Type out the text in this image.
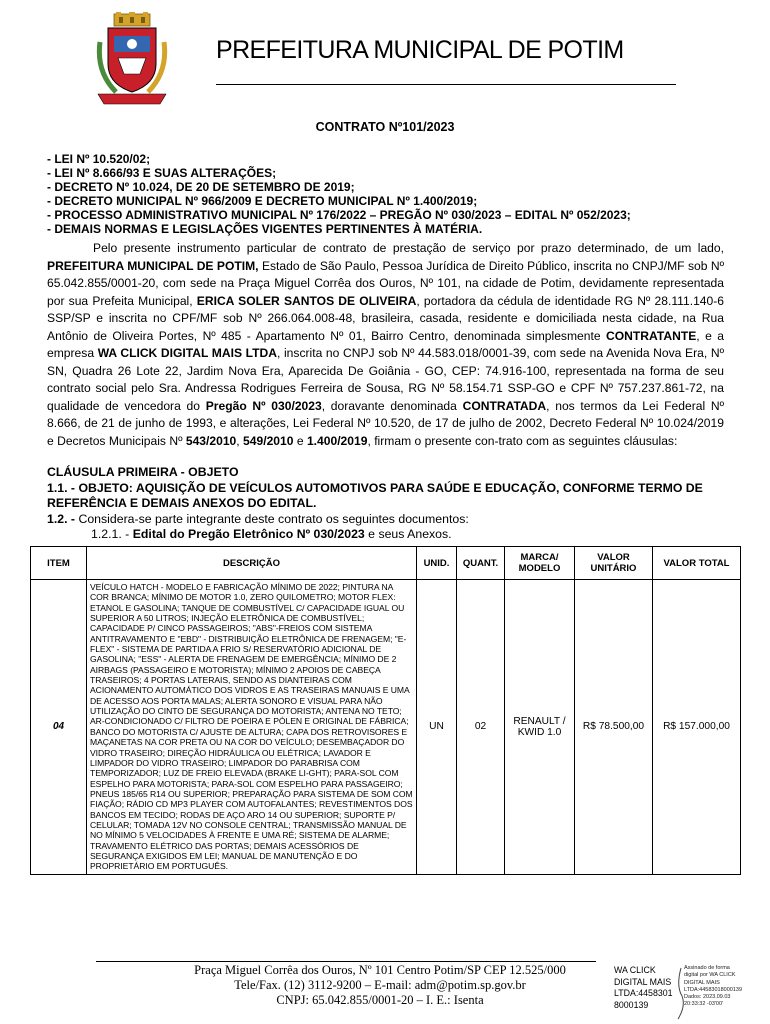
PREFEITURA MUNICIPAL DE POTIM
CONTRATO Nº101/2023
- LEI Nº 10.520/02;
- LEI Nº 8.666/93 E SUAS ALTERAÇÕES;
- DECRETO Nº 10.024, DE 20 DE SETEMBRO DE 2019;
- DECRETO MUNICIPAL Nº 966/2009 E DECRETO MUNICIPAL Nº 1.400/2019;
- PROCESSO ADMINISTRATIVO MUNICIPAL Nº 176/2022 – PREGÃO Nº 030/2023 – EDITAL Nº 052/2023;
- DEMAIS NORMAS E LEGISLAÇÕES VIGENTES PERTINENTES À MATÉRIA.
Pelo presente instrumento particular de contrato de prestação de serviço por prazo determinado, de um lado, PREFEITURA MUNICIPAL DE POTIM, Estado de São Paulo, Pessoa Jurídica de Direito Público, inscrita no CNPJ/MF sob Nº 65.042.855/0001-20, com sede na Praça Miguel Corrêa dos Ouros, Nº 101, na cidade de Potim, devidamente representada por sua Prefeita Municipal, ERICA SOLER SANTOS DE OLIVEIRA, portadora da cédula de identidade RG Nº 28.111.140-6 SSP/SP e inscrita no CPF/MF sob Nº 266.064.008-48, brasileira, casada, residente e domiciliada nesta cidade, na Rua Antônio de Oliveira Portes, Nº 485 - Apartamento Nº 01, Bairro Centro, denominada simplesmente CONTRATANTE, e a empresa WA CLICK DIGITAL MAIS LTDA, inscrita no CNPJ sob Nº 44.583.018/0001-39, com sede na Avenida Nova Era, Nº SN, Quadra 26 Lote 22, Jardim Nova Era, Aparecida De Goiânia - GO, CEP: 74.916-100, representada na forma de seu contrato social pelo Sra. Andressa Rodrigues Ferreira de Sousa, RG Nº 58.154.71 SSP-GO e CPF Nº 757.237.861-72, na qualidade de vencedora do Pregão Nº 030/2023, doravante denominada CONTRATADA, nos termos da Lei Federal Nº 8.666, de 21 de junho de 1993, e alterações, Lei Federal Nº 10.520, de 17 de julho de 2002, Decreto Federal Nº 10.024/2019 e Decretos Municipais Nº 543/2010, 549/2010 e 1.400/2019, firmam o presente con-trato com as seguintes cláusulas:
CLÁUSULA PRIMEIRA - OBJETO
1.1. - OBJETO: AQUISIÇÃO DE VEÍCULOS AUTOMOTIVOS PARA SAÚDE E EDUCAÇÃO, CONFORME TERMO DE REFERÊNCIA E DEMAIS ANEXOS DO EDITAL.
1.2. - Considera-se parte integrante deste contrato os seguintes documentos:
1.2.1. - Edital do Pregão Eletrônico Nº 030/2023 e seus Anexos.
ITEM	DESCRIÇÃO	UNID.	QUANT.	MARCA/ MODELO	VALOR UNITÁRIO	VALOR TOTAL
04	VEÍCULO HATCH - MODELO E FABRICAÇÃO MÍNIMO DE 2022; PINTURA NA COR BRANCA; MÍNIMO DE MOTOR 1.0, ZERO QUILOMETRO; MOTOR FLEX: ETANOL E GASOLINA; TANQUE DE COMBUSTÍVEL C/ CAPACIDADE IGUAL OU SUPERIOR A 50 LITROS; INJEÇÃO ELETRÔNICA DE COMBUSTÍVEL; CAPACIDADE P/ CINCO PASSAGEIROS; "ABS"-FREIOS COM SISTEMA ANTITRAVAMENTO E "EBD" - DISTRIBUIÇÃO ELETRÔNICA DE FRENAGEM; "E-FLEX" - SISTEMA DE PARTIDA A FRIO S/ RESERVATÓRIO ADICIONAL DE GASOLINA; "ESS" - ALERTA DE FRENAGEM DE EMERGÊNCIA; MÍNIMO DE 2 AIRBAGS (PASSAGEIRO E MOTORISTA); MÍNIMO 2 APOIOS DE CABEÇA TRASEIROS; 4 PORTAS LATERAIS, SENDO AS DIANTEIRAS COM ACIONAMENTO AUTOMÁTICO DOS VIDROS E AS TRASEIRAS MANUAIS E UMA DE ACESSO AOS PORTA MALAS; ALERTA SONORO E VISUAL PARA NÃO UTILIZAÇÃO DO CINTO DE SEGURANÇA DO MOTORISTA; ANTENA NO TETO; AR-CONDICIONADO C/ FILTRO DE POEIRA E PÓLEN E ORIGINAL DE FÁBRICA; BANCO DO MOTORISTA C/ AJUSTE DE ALTURA; CAPA DOS RETROVISORES E MAÇANETAS NA COR PRETA OU NA COR DO VEÍCULO; DESEMBAÇADOR DO VIDRO TRASEIRO; DIREÇÃO HIDRÁULICA OU ELÉTRICA; LAVADOR E LIMPADOR DO VIDRO TRASEIRO; LIMPADOR DO PARABRISA COM TEMPORIZADOR; LUZ DE FREIO ELEVADA (BRAKE LI-GHT); PARA-SOL COM ESPELHO PARA MOTORISTA; PARA-SOL COM ESPELHO PARA PASSAGEIRO; PNEUS 185/65 R14 OU SUPERIOR; PREPARAÇÃO PARA SISTEMA DE SOM COM FIAÇÃO; RÁDIO CD MP3 PLAYER COM AUTOFALANTES; REVESTIMENTOS DOS BANCOS EM TECIDO; RODAS DE AÇO ARO 14 OU SUPERIOR; SUPORTE P/ CELULAR; TOMADA 12V NO CONSOLE CENTRAL; TRANSMISSÃO MANUAL DE NO MÍNIMO 5 VELOCIDADES À FRENTE E UMA RÉ; SISTEMA DE ALARME; TRAVAMENTO ELÉTRICO DAS PORTAS; DEMAIS ACESSÓRIOS DE SEGURANÇA EXIGIDOS EM LEI; MANUAL DE MANUTENÇÃO E DO PROPRIETÁRIO EM PORTUGUÊS.	UN	02	RENAULT / KWID 1.0	R$ 78.500,00	R$ 157.000,00
Praça Miguel Corrêa dos Ouros, Nº 101 Centro Potim/SP CEP 12.525/000
Tele/Fax. (12) 3112-9200 – E-mail: adm@potim.sp.gov.br
CNPJ: 65.042.855/0001-20 – I. E.: Isenta
WA CLICK
DIGITAL MAIS
LTDA:4458301
8000139
Assinado de forma
digital por WA CLICK
DIGITAL MAIS
LTDA:44583018000139
Dados: 2023.09.03
20:33:32 -03'00'
